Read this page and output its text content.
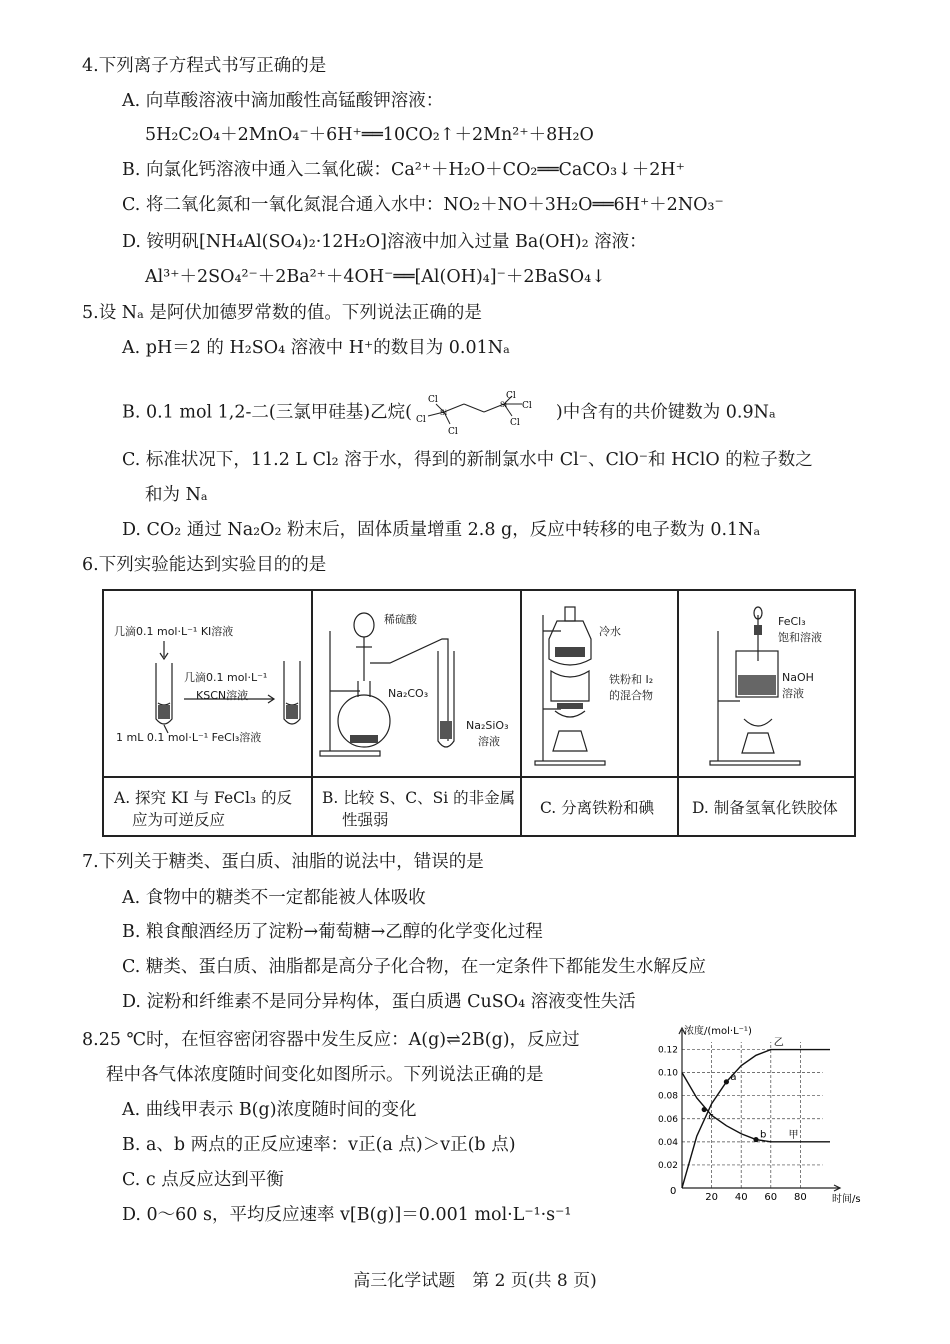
4.下列离子方程式书写正确的是
A. 向草酸溶液中滴加酸性高锰酸钾溶液：
5H₂C₂O₄＋2MnO₄⁻＋6H⁺══10CO₂↑＋2Mn²⁺＋8H₂O
B. 向氯化钙溶液中通入二氧化碳：Ca²⁺＋H₂O＋CO₂══CaCO₃↓＋2H⁺
C. 将二氧化氮和一氧化氮混合通入水中：NO₂＋NO＋3H₂O══6H⁺＋2NO₃⁻
D. 铵明矾[NH₄Al(SO₄)₂·12H₂O]溶液中加入过量 Ba(OH)₂ 溶液：
Al³⁺＋2SO₄²⁻＋2Ba²⁺＋4OH⁻══[Al(OH)₄]⁻＋2BaSO₄↓
5.设 Nₐ 是阿伏加德罗常数的值。下列说法正确的是
A. pH＝2 的 H₂SO₄ 溶液中 H⁺的数目为 0.01Nₐ
B. 0.1 mol 1,2-二(三氯甲硅基)乙烷(
Cl
Cl
Cl
Si
Cl
Cl
Cl
Si	)中含有的共价键数为 0.9Nₐ
C. 标准状况下，11.2 L Cl₂ 溶于水，得到的新制氯水中 Cl⁻、ClO⁻和 HClO 的粒子数之
和为 Nₐ
D. CO₂ 通过 Na₂O₂ 粉末后，固体质量增重 2.8 g，反应中转移的电子数为 0.1Nₐ
6.下列实验能达到实验目的的是
几滴0.1 mol·L⁻¹ KI溶液
几滴0.1 mol·L⁻¹
KSCN溶液
1 mL 0.1 mol·L⁻¹ FeCl₃溶液
稀硫酸
Na₂CO₃
Na₂SiO₃
溶液
冷水
铁粉和 I₂
的混合物
FeCl₃
饱和溶液
NaOH
溶液
A. 探究 KI 与 FeCl₃ 的反
应为可逆反应
B. 比较 S、C、Si 的非金属
性强弱
C. 分离铁粉和碘 D. 制备氢氧化铁胶体
7.下列关于糖类、蛋白质、油脂的说法中，错误的是
A. 食物中的糖类不一定都能被人体吸收
B. 粮食酿酒经历了淀粉→葡萄糖→乙醇的化学变化过程
C. 糖类、蛋白质、油脂都是高分子化合物，在一定条件下都能发生水解反应
D. 淀粉和纤维素不是同分异构体，蛋白质遇 CuSO₄ 溶液变性失活
8.25 ℃时，在恒容密闭容器中发生反应：A(g)⇌2B(g)，反应过
程中各气体浓度随时间变化如图所示。下列说法正确的是
A. 曲线甲表示 B(g)浓度随时间的变化
B. a、b 两点的正反应速率：v正(a 点)＞v正(b 点)
C. c 点反应达到平衡
D. 0～60 s，平均反应速率 v[B(g)]＝0.001 mol·L⁻¹·s⁻¹
浓度/(mol·L⁻¹)
时间/s
0
乙
甲
a
b
c
0.02
0.04
0.06
0.08
0.10
0.12
20 40 60 80
高三化学试题　第 2 页(共 8 页)
